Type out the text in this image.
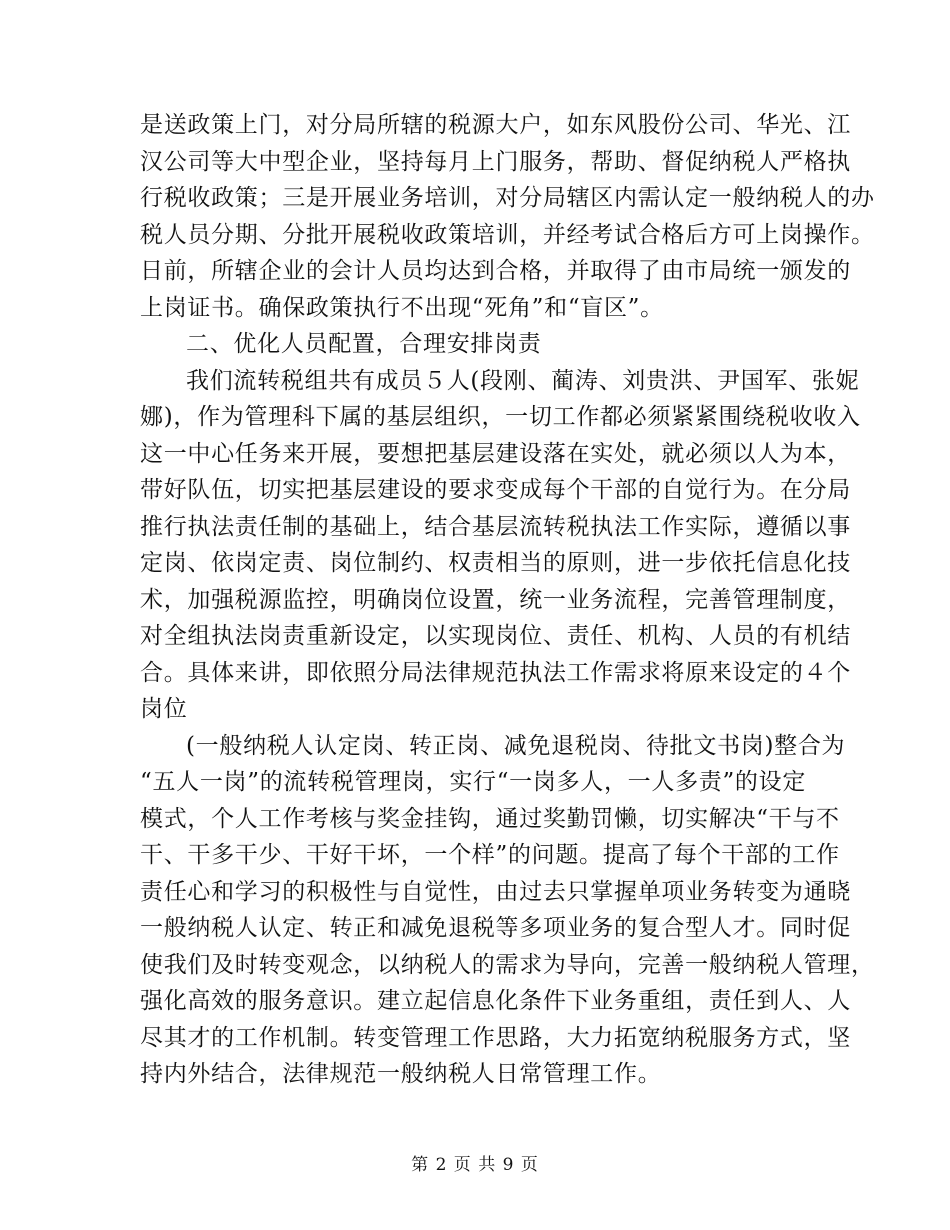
是送政策上门，对分局所辖的税源大户，如东风股份公司、华光、江
汉公司等大中型企业，坚持每月上门服务，帮助、督促纳税人严格执
行税收政策；三是开展业务培训，对分局辖区内需认定一般纳税人的办
税人员分期、分批开展税收政策培训，并经考试合格后方可上岗操作。
日前，所辖企业的会计人员均达到合格，并取得了由市局统一颁发的
上岗证书。确保政策执行不出现“死角”和“盲区”。
二、优化人员配置，合理安排岗责
我们流转税组共有成员５人(段刚、蔺涛、刘贵洪、尹国军、张妮
娜)，作为管理科下属的基层组织，一切工作都必须紧紧围绕税收收入
这一中心任务来开展，要想把基层建设落在实处，就必须以人为本，
带好队伍，切实把基层建设的要求变成每个干部的自觉行为。在分局
推行执法责任制的基础上，结合基层流转税执法工作实际，遵循以事
定岗、依岗定责、岗位制约、权责相当的原则，进一步依托信息化技
术，加强税源监控，明确岗位设置，统一业务流程，完善管理制度，
对全组执法岗责重新设定，以实现岗位、责任、机构、人员的有机结
合。具体来讲，即依照分局法律规范执法工作需求将原来设定的４个
岗位
(一般纳税人认定岗、转正岗、减免退税岗、待批文书岗)整合为
“五人一岗”的流转税管理岗，实行“一岗多人，一人多责”的设定
模式，个人工作考核与奖金挂钩，通过奖勤罚懒，切实解决“干与不
干、干多干少、干好干坏，一个样”的问题。提高了每个干部的工作
责任心和学习的积极性与自觉性，由过去只掌握单项业务转变为通晓
一般纳税人认定、转正和减免退税等多项业务的复合型人才。同时促
使我们及时转变观念，以纳税人的需求为导向，完善一般纳税人管理，
强化高效的服务意识。建立起信息化条件下业务重组，责任到人、人
尽其才的工作机制。转变管理工作思路，大力拓宽纳税服务方式，坚
持内外结合，法律规范一般纳税人日常管理工作。
第 2 页 共 9 页
